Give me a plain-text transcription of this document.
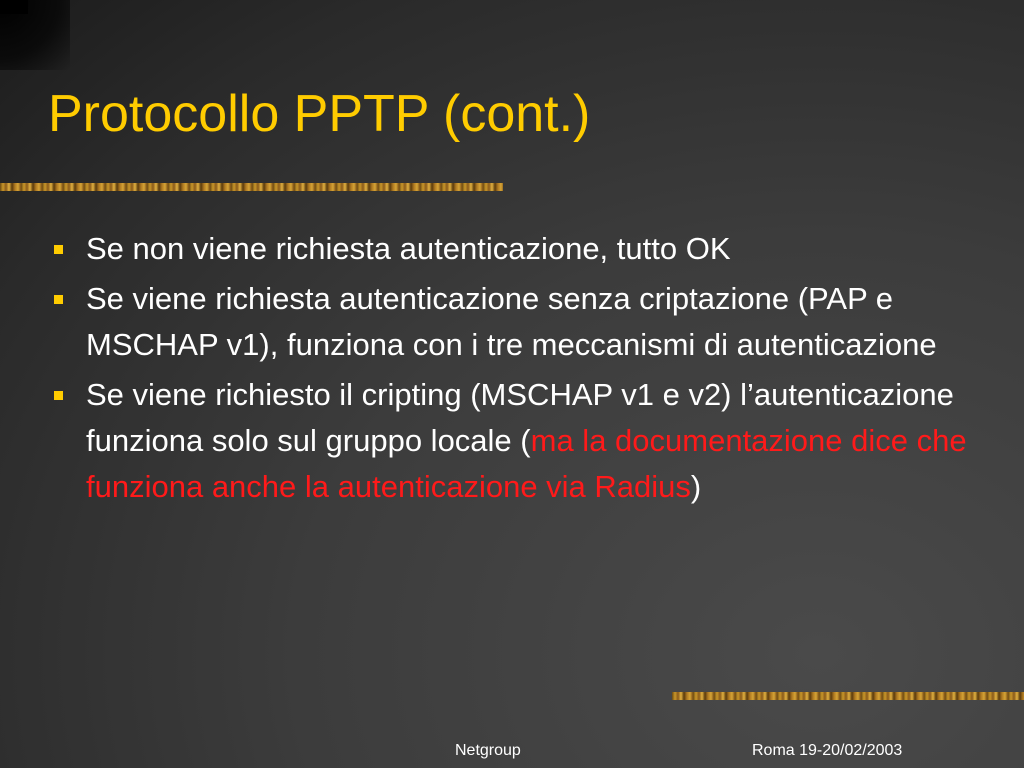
Protocollo PPTP (cont.)
Se non viene richiesta autenticazione, tutto OK
Se viene richiesta autenticazione senza criptazione (PAP e MSCHAP v1), funziona con i tre meccanismi di autenticazione
Se viene richiesto il cripting (MSCHAP v1 e v2) l’autenticazione funziona solo sul gruppo locale (ma la documentazione dice che funziona anche la autenticazione via Radius)
Netgroup	Roma 19-20/02/2003
